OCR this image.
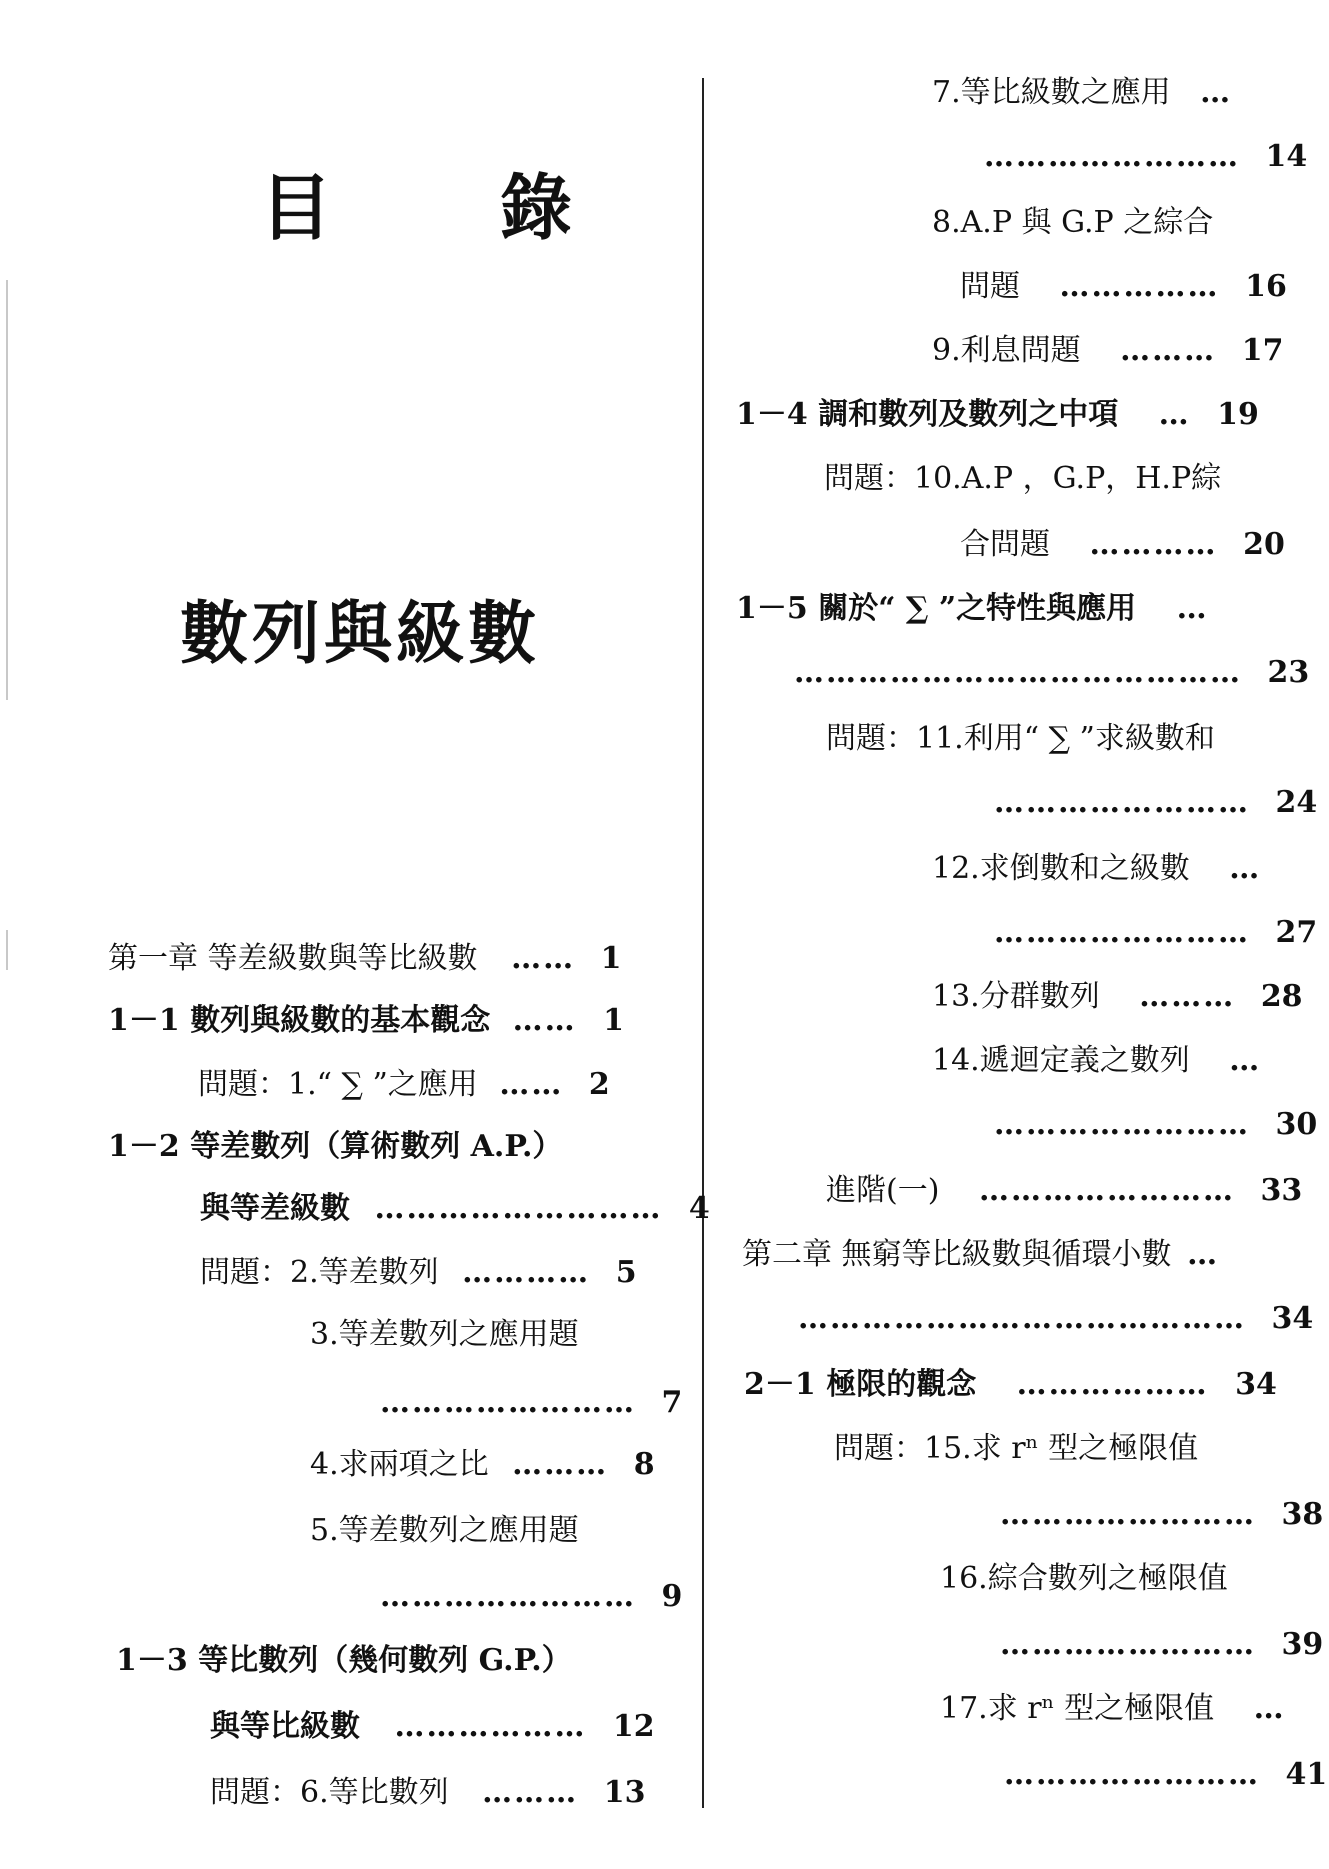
目　錄
數列與級數
第一章 等差級數與等比級數 …… 1
1－1 數列與級數的基本觀念 …… 1
問題：1.“ ∑ ”之應用 …… 2
1－2 等差數列（算術數列 A.P.）
與等差級數 ……………………… 4
問題：2.等差數列 ………… 5
3.等差數列之應用題
…………………… 7
4.求兩項之比 ……… 8
5.等差數列之應用題
…………………… 9
1－3 等比數列（幾何數列 G.P.）
與等比級數 ……………… 12
問題：6.等比數列 ……… 13
7.等比級數之應用 …
…………………… 14
8.A.P 與 G.P 之綜合
問題 …………… 16
9.利息問題 ……… 17
1－4 調和數列及數列之中項 … 19
問題：10.A.P ，G.P，H.P綜
合問題 ………… 20
1－5 關於“ ∑ ”之特性與應用 …
…………………………………… 23
問題：11.利用“ ∑ ”求級數和
…………………… 24
12.求倒數和之級數 …
…………………… 27
13.分群數列 ……… 28
14.遞迴定義之數列 …
…………………… 30
進階(一) …………………… 33
第二章 無窮等比級數與循環小數 …
…………………………………… 34
2－1 極限的觀念 ……………… 34
問題：15.求 rⁿ 型之極限值
…………………… 38
16.綜合數列之極限值
…………………… 39
17.求 rⁿ 型之極限值 …
…………………… 41
